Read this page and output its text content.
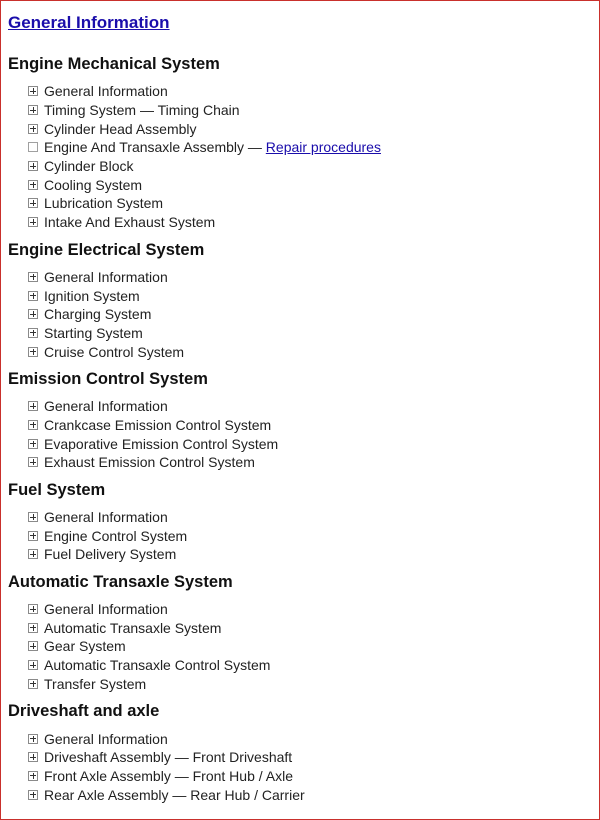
General Information
Engine Mechanical System
General Information
Timing System — Timing Chain
Cylinder Head Assembly
Engine And Transaxle Assembly — Repair procedures
Cylinder Block
Cooling System
Lubrication System
Intake And Exhaust System
Engine Electrical System
General Information
Ignition System
Charging System
Starting System
Cruise Control System
Emission Control System
General Information
Crankcase Emission Control System
Evaporative Emission Control System
Exhaust Emission Control System
Fuel System
General Information
Engine Control System
Fuel Delivery System
Automatic Transaxle System
General Information
Automatic Transaxle System
Gear System
Automatic Transaxle Control System
Transfer System
Driveshaft and axle
General Information
Driveshaft Assembly — Front Driveshaft
Front Axle Assembly — Front Hub / Axle
Rear Axle Assembly — Rear Hub / Carrier
